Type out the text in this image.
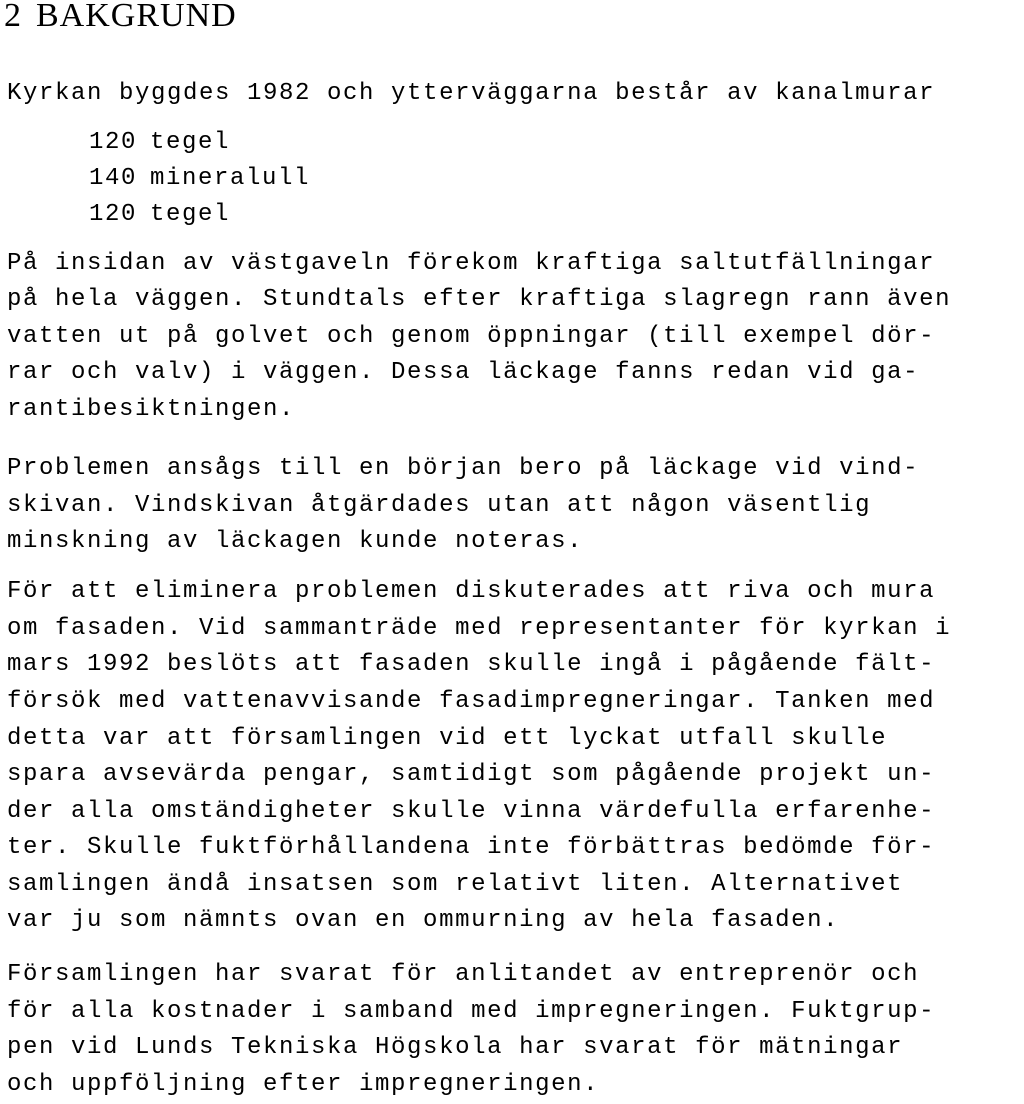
2 BAKGRUND

Kyrkan byggdes 1982 och ytterväggarna består av kanalmurar

120 tegel

140 mineralull

120 tegel

På insidan av västgaveln förekom kraftiga saltutfällningar

på hela väggen. Stundtals efter kraftiga slagregn rann även

vatten ut på golvet och genom öppningar (till exempel dör-

rar och valv) i väggen. Dessa läckage fanns redan vid ga-

rantibesiktningen.

Problemen ansågs till en början bero på läckage vid vind-

skivan. Vindskivan åtgärdades utan att någon väsentlig

minskning av läckagen kunde noteras.

För att eliminera problemen diskuterades att riva och mura

om fasaden. Vid sammanträde med representanter för kyrkan i

mars 1992 beslöts att fasaden skulle ingå i pågående fält-

försök med vattenavvisande fasadimpregneringar. Tanken med

detta var att församlingen vid ett lyckat utfall skulle

spara avsevärda pengar, samtidigt som pågående projekt un-

der alla omständigheter skulle vinna värdefulla erfarenhe-

ter. Skulle fuktförhållandena inte förbättras bedömde för-

samlingen ändå insatsen som relativt liten. Alternativet

var ju som nämnts ovan en ommurning av hela fasaden.

Församlingen har svarat för anlitandet av entreprenör och

för alla kostnader i samband med impregneringen. Fuktgrup-

pen vid Lunds Tekniska Högskola har svarat för mätningar

och uppföljning efter impregneringen.
